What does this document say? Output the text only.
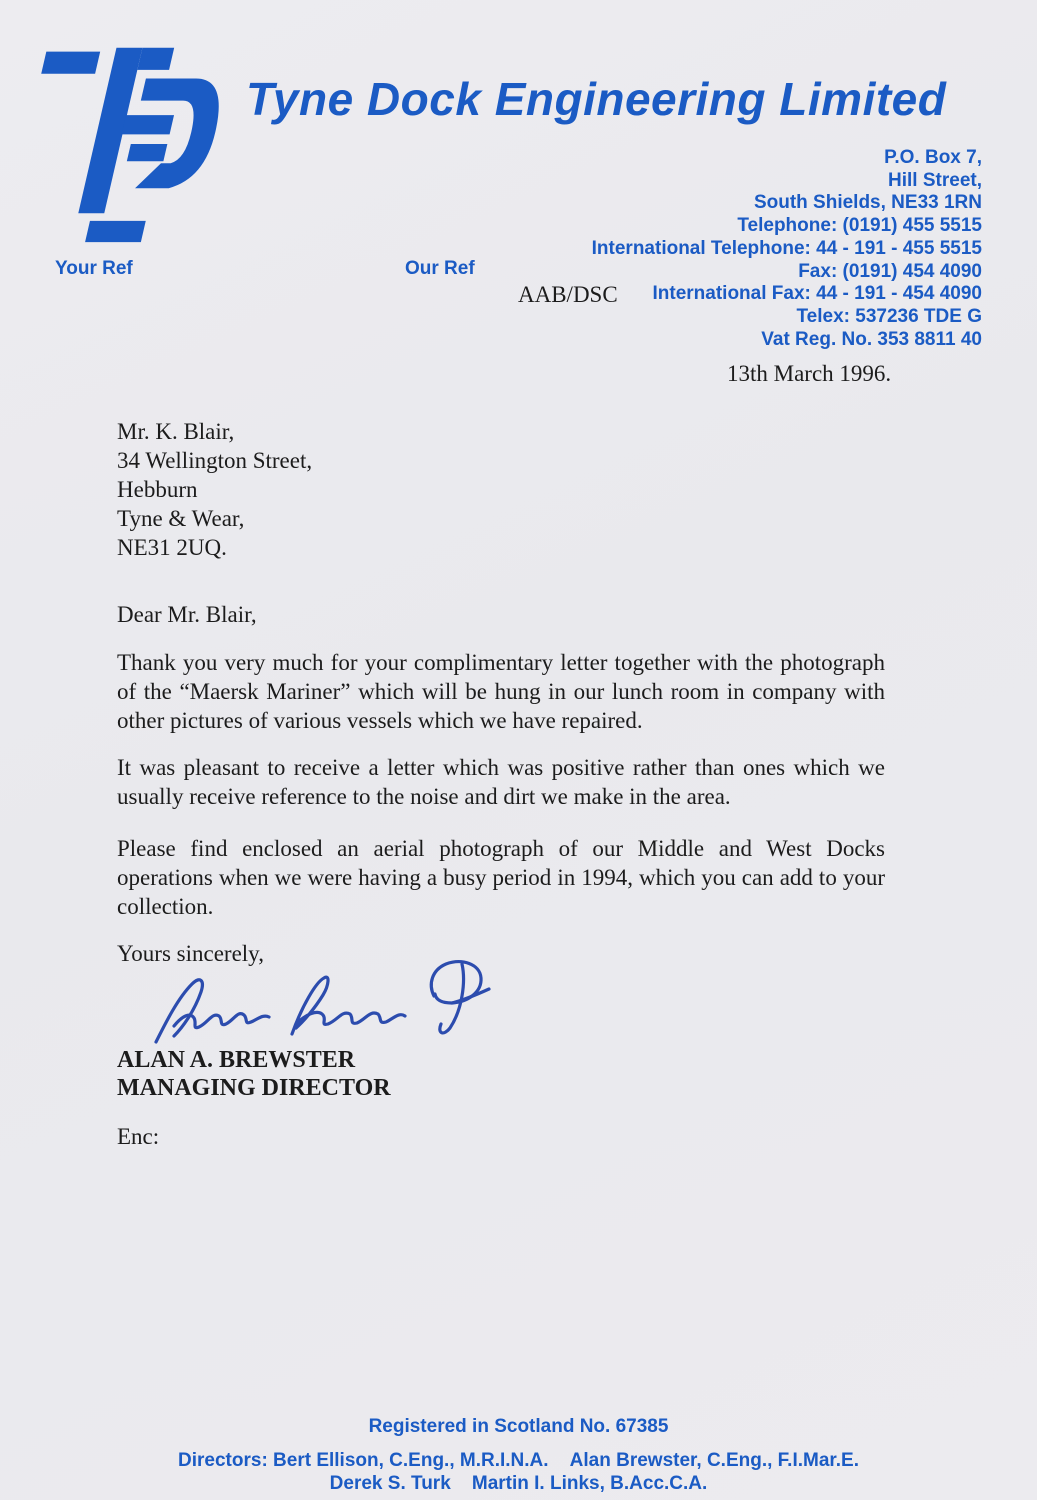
Tyne Dock Engineering Limited
P.O. Box 7,
Hill Street,
South Shields, NE33 1RN
Telephone: (0191) 455 5515
International Telephone: 44 - 191 - 455 5515
Fax: (0191) 454 4090
International Fax: 44 - 191 - 454 4090
Telex: 537236 TDE G
Vat Reg. No. 353 8811 40
Your Ref	Our Ref
AAB/DSC
13th March 1996.
Mr. K. Blair,
34 Wellington Street,
Hebburn
Tyne & Wear,
NE31 2UQ.
Dear Mr. Blair,
Thank you very much for your complimentary letter together with the photograph of the “Maersk Mariner” which will be hung in our lunch room in company with other pictures of various vessels which we have repaired.
It was pleasant to receive a letter which was positive rather than ones which we usually receive reference to the noise and dirt we make in the area.
Please find enclosed an aerial photograph of our Middle and West Docks operations when we were having a busy period in 1994, which you can add to your collection.
Yours sincerely,
ALAN A. BREWSTER
MANAGING DIRECTOR
Enc:
Registered in Scotland No. 67385
Directors: Bert Ellison, C.Eng., M.R.I.N.A.    Alan Brewster, C.Eng., F.I.Mar.E.
Derek S. Turk    Martin I. Links, B.Acc.C.A.
